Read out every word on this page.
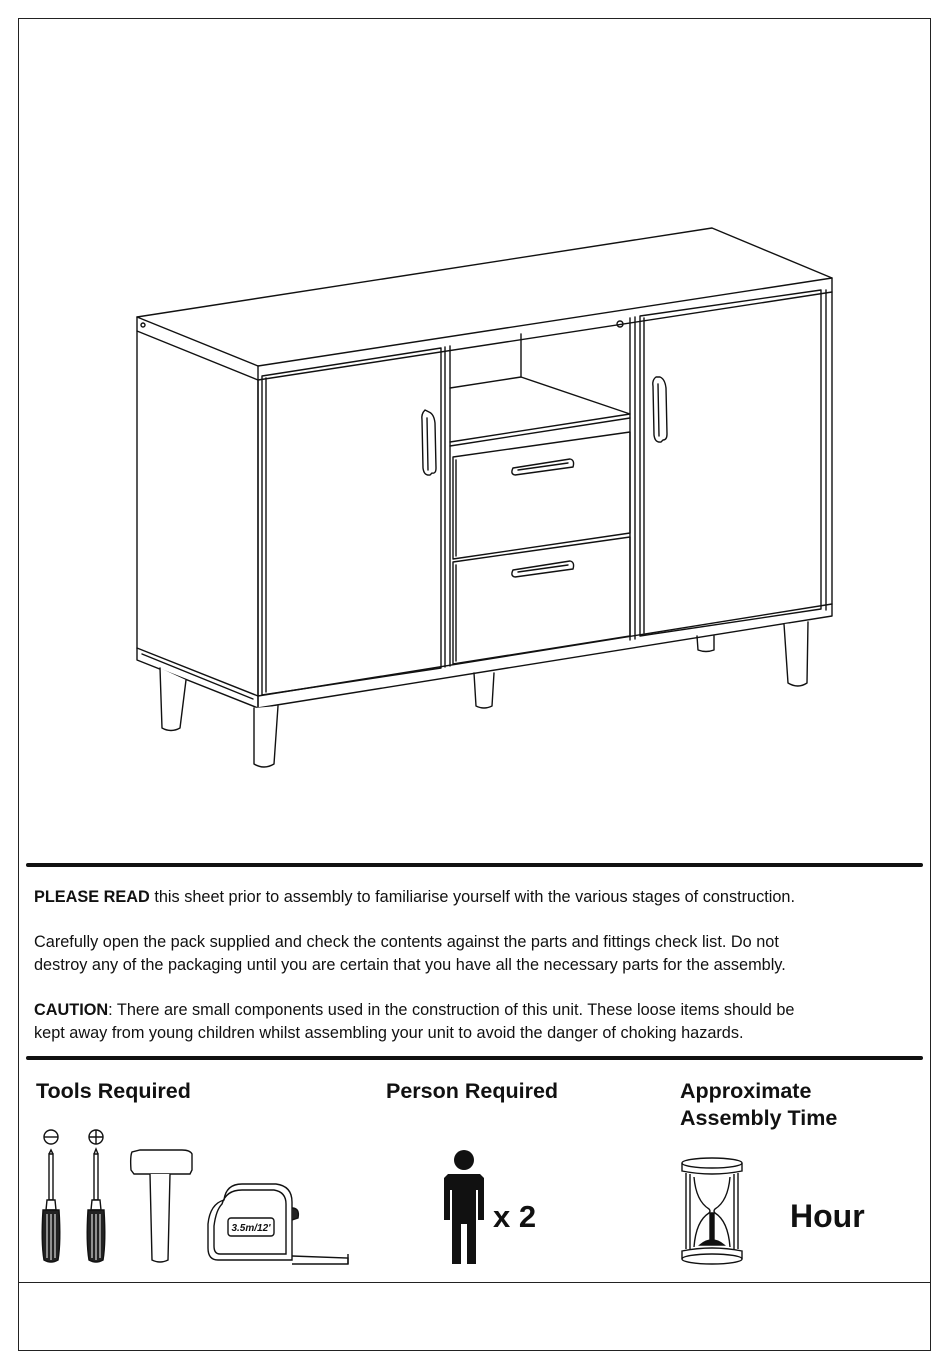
PLEASE READ this sheet prior to assembly to familiarise yourself with the various stages of construction.

Carefully open the pack supplied and check the contents against the parts and fittings check list. Do not

destroy any of the packaging until you are certain that you have all the necessary parts for the assembly.

CAUTION: There are small components used in the construction of this unit. These loose items should be

kept away from young children whilst assembling your unit to avoid the danger of choking hazards.

Tools Required
3.5m/12'
Person Required
x 2
Approximate
Assembly Time
Hour
